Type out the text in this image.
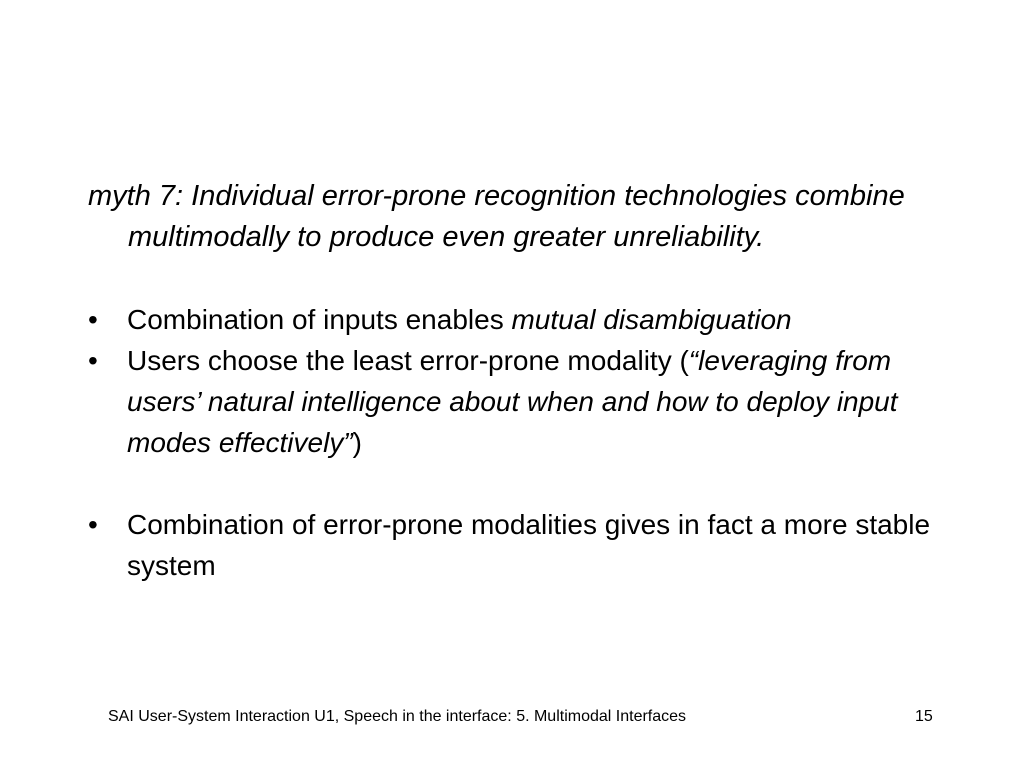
myth 7: Individual error-prone recognition technologies combine multimodally to produce even greater unreliability.

• Combination of inputs enables mutual disambiguation

• Users choose the least error-prone modality (“leveraging from users’ natural intelligence about when and how to deploy input modes effectively”)

• Combination of error-prone modalities gives in fact a more stable system

SAI User-System Interaction U1, Speech in the interface: 5. Multimodal Interfaces	15
